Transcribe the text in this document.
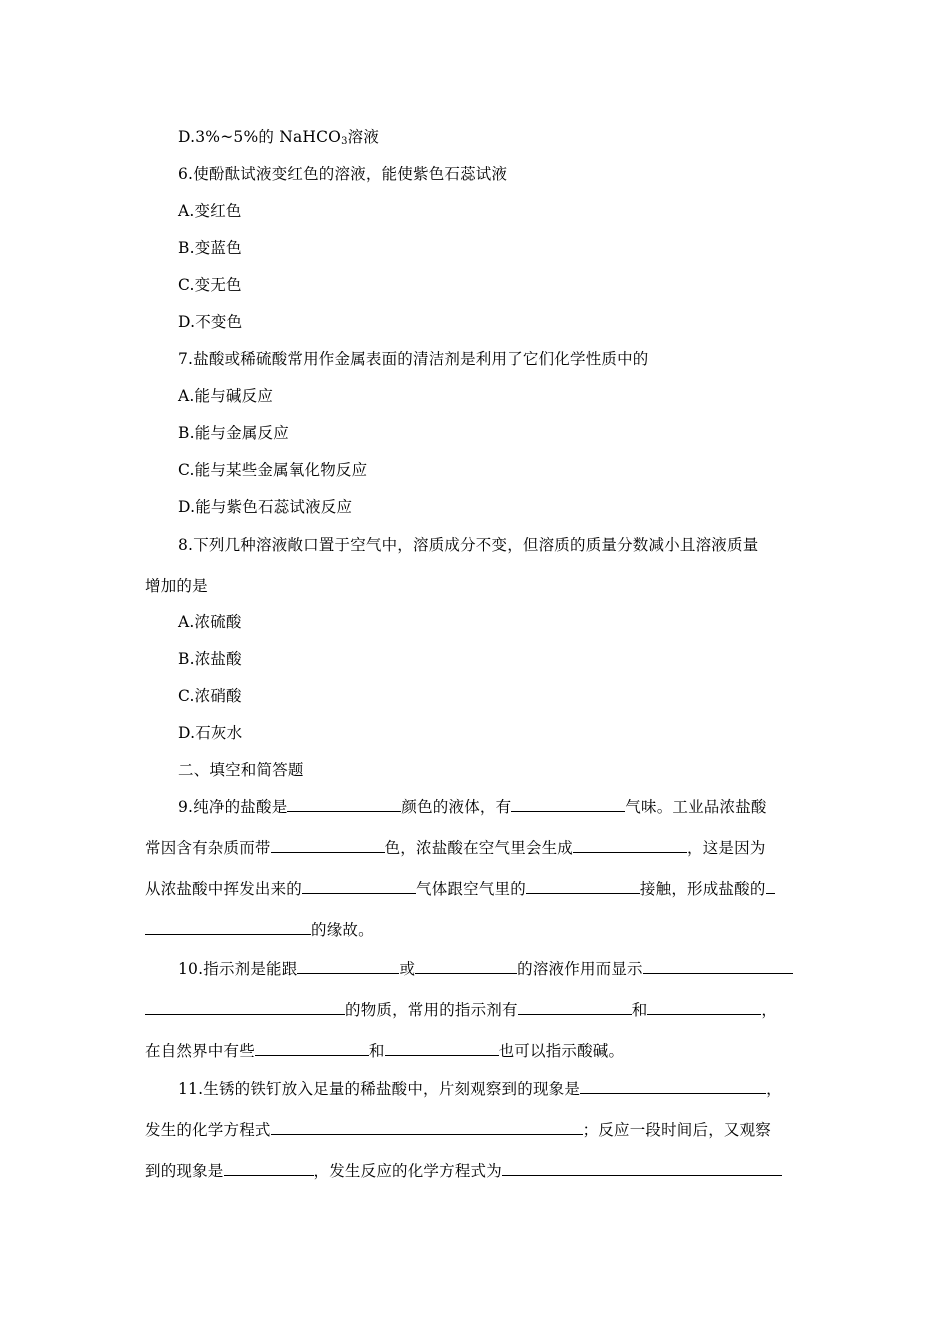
D.3%~5%的 NaHCO$_3$溶液
6.使酚酞试液变红色的溶液，能使紫色石蕊试液
A.变红色
B.变蓝色
C.变无色
D.不变色
7.盐酸或稀硫酸常用作金属表面的清洁剂是利用了它们化学性质中的
A.能与碱反应
B.能与金属反应
C.能与某些金属氧化物反应
D.能与紫色石蕊试液反应
8.下列几种溶液敞口置于空气中，溶质成分不变，但溶质的质量分数减小且溶液质量
增加的是
A.浓硫酸
B.浓盐酸
C.浓硝酸
D.石灰水
二、填空和简答题
9.纯净的盐酸是	颜色的液体，有	气味。工业品浓盐酸
常因含有杂质而带	色，浓盐酸在空气里会生成	，这是因为
从浓盐酸中挥发出来的	气体跟空气里的	接触，形成盐酸的
的缘故。
10.指示剂是能跟	或	的溶液作用而显示
的物质，常用的指示剂有	和	，
在自然界中有些	和	也可以指示酸碱。
11.生锈的铁钉放入足量的稀盐酸中，片刻观察到的现象是	，
发生的化学方程式	；反应一段时间后，又观察
到的现象是	，发生反应的化学方程式为
